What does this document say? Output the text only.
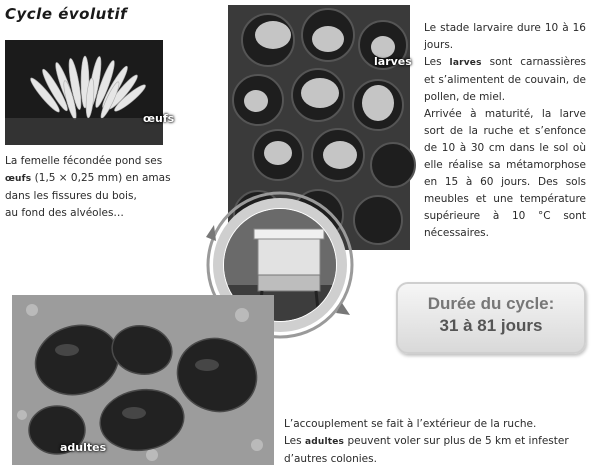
Cycle évolutif
œufs

La femelle fécondée pond ses

œufs (1,5 × 0,25 mm) en amas

dans les fissures du bois,

au fond des alvéoles…

larves

Le stade larvaire dure 10 à 16 jours.

Les larves sont carnassières et s’alimentent de couvain, de pollen, de miel.

Arrivée à maturité, la larve sort de la ruche et s’enfonce de 10 à 30 cm dans le sol où elle réalise sa métamorphose en 15 à 60 jours. Des sols meubles et une température supérieure à 10 °C sont nécessaires.

adultes

L’accouplement se fait à l’extérieur de la ruche.

Les adultes peuvent voler sur plus de 5 km et infester

d’autres colonies.

Durée du cycle:
31 à 81 jours
